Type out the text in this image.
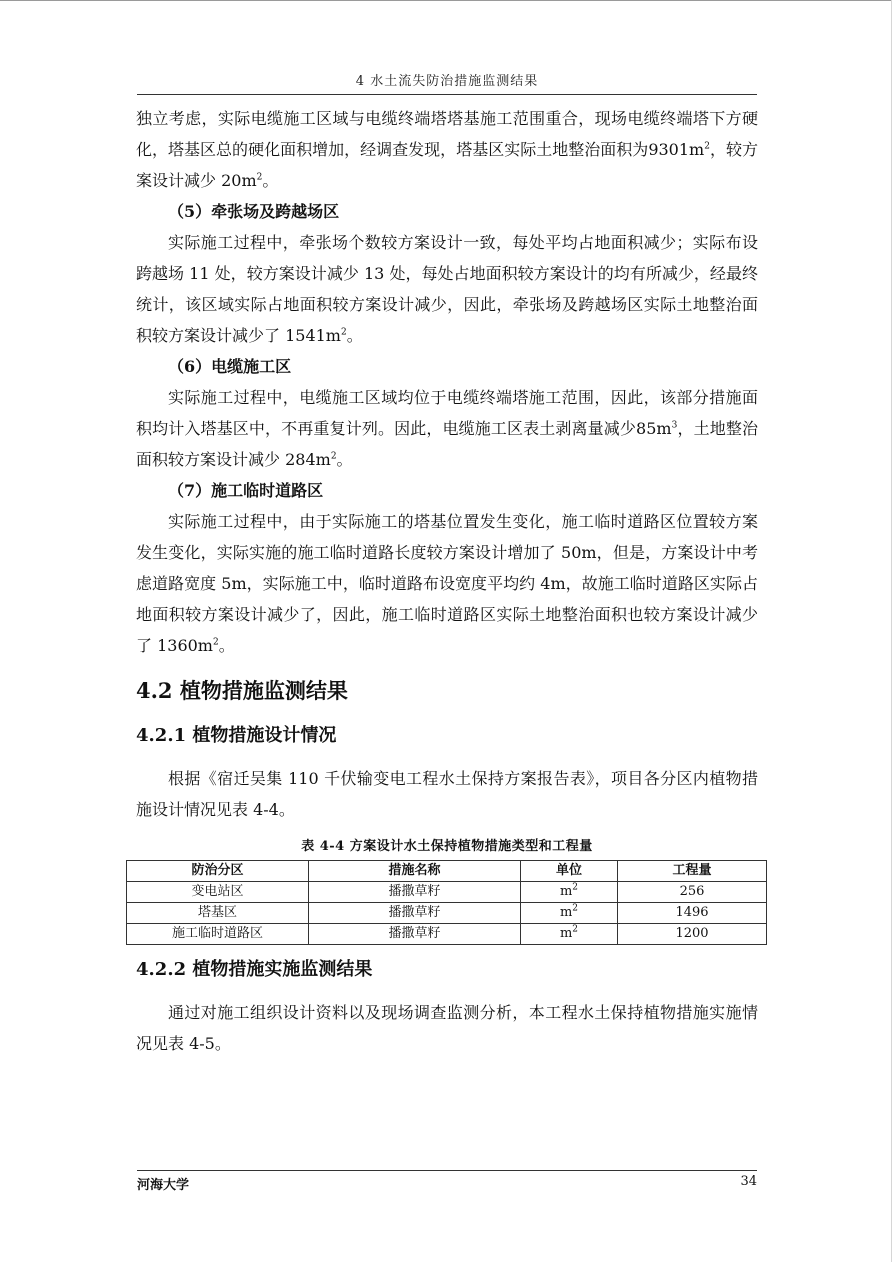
4 水土流失防治措施监测结果

独立考虑，实际电缆施工区域与电缆终端塔塔基施工范围重合，现场电缆终端塔下方硬化，塔基区总的硬化面积增加，经调查发现，塔基区实际土地整治面积为$9301m^2$，较方案设计减少 $20m^2$。

（5）牵张场及跨越场区

实际施工过程中，牵张场个数较方案设计一致，每处平均占地面积减少；实际布设跨越场 11 处，较方案设计减少 13 处，每处占地面积较方案设计的均有所减少，经最终统计，该区域实际占地面积较方案设计减少，因此，牵张场及跨越场区实际土地整治面积较方案设计减少了 $1541m^2$。

（6）电缆施工区

实际施工过程中，电缆施工区域均位于电缆终端塔施工范围，因此，该部分措施面积均计入塔基区中，不再重复计列。因此，电缆施工区表土剥离量减少$85m^3$，土地整治面积较方案设计减少 $284m^2$。

（7）施工临时道路区

实际施工过程中，由于实际施工的塔基位置发生变化，施工临时道路区位置较方案发生变化，实际实施的施工临时道路长度较方案设计增加了 50m，但是，方案设计中考虑道路宽度 5m，实际施工中，临时道路布设宽度平均约 4m，故施工临时道路区实际占地面积较方案设计减少了，因此，施工临时道路区实际土地整治面积也较方案设计减少了 $1360m^2$。

4.2 植物措施监测结果
4.2.1 植物措施设计情况

根据《宿迁吴集 110 千伏输变电工程水土保持方案报告表》，项目各分区内植物措施设计情况见表 4-4。

表 4-4 方案设计水土保持植物措施类型和工程量
防治分区	措施名称	单位	工程量
变电站区	播撒草籽	$m^2$	256
塔基区	播撒草籽	$m^2$	1496
施工临时道路区	播撒草籽	$m^2$	1200
4.2.2 植物措施实施监测结果

通过对施工组织设计资料以及现场调查监测分析，本工程水土保持植物措施实施情况见表 4-5。

河海大学	34
